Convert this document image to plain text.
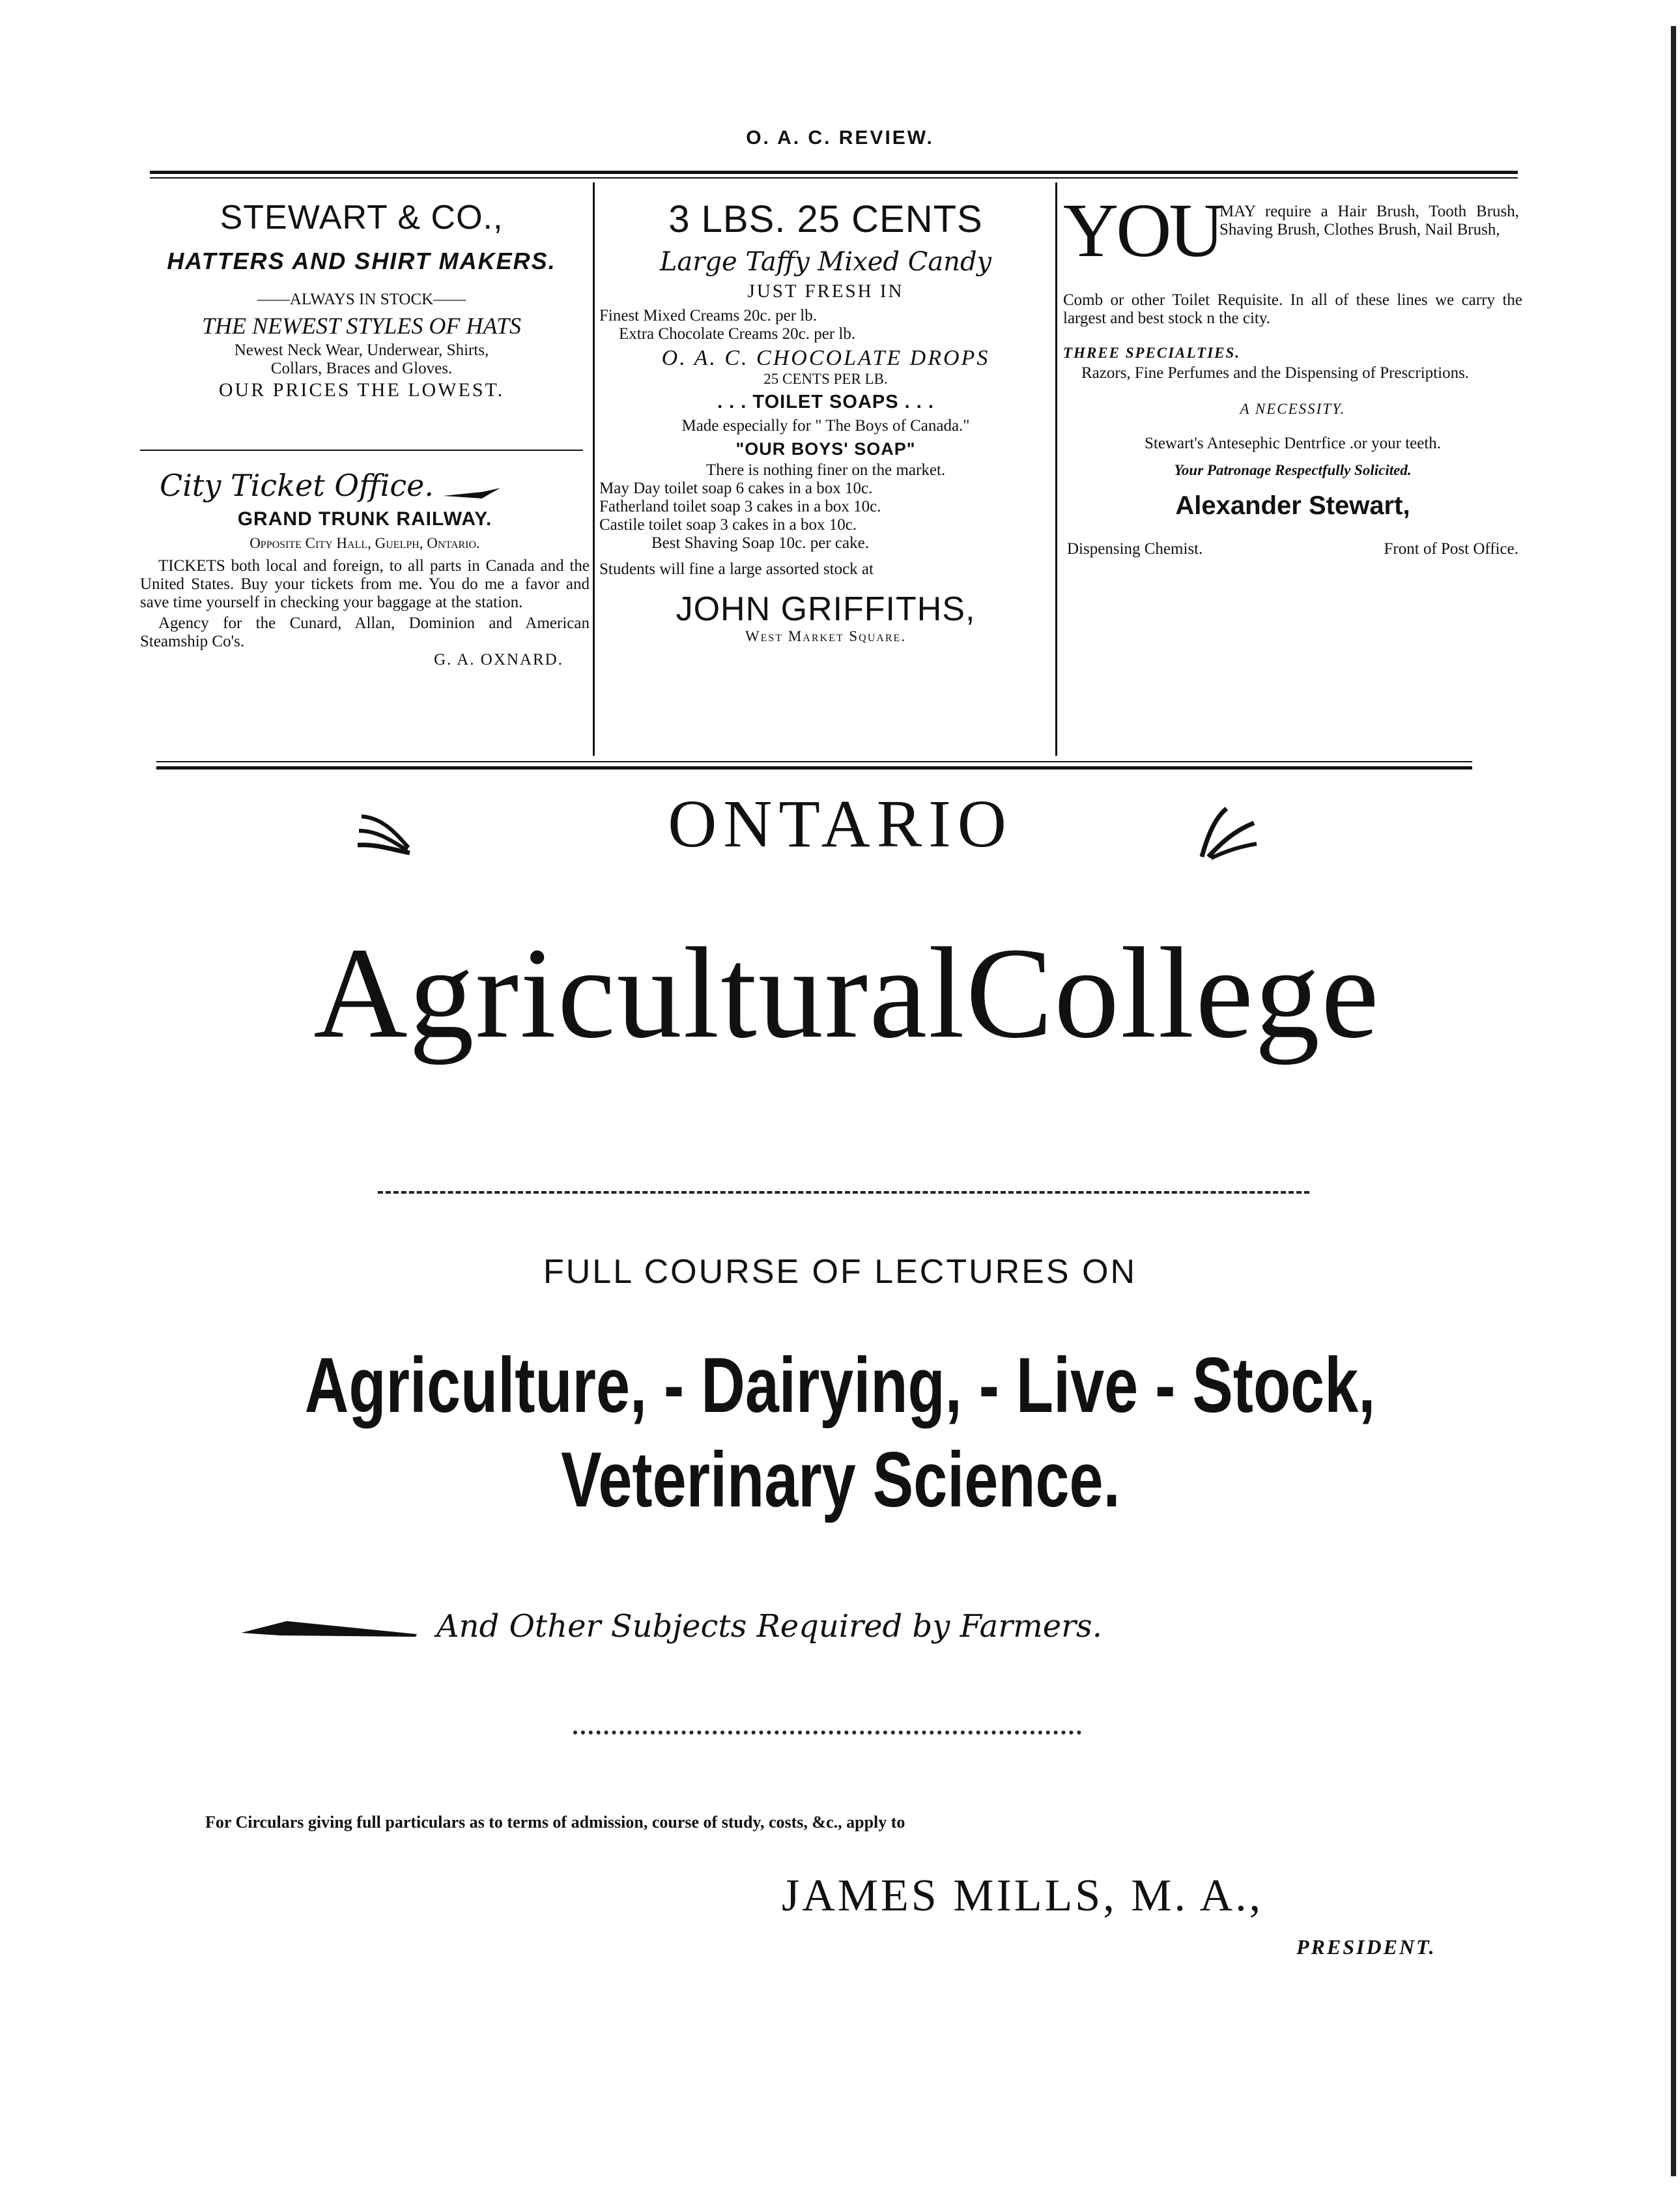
O. A. C. REVIEW.
STEWART & CO.,
HATTERS AND SHIRT MAKERS.
——ALWAYS IN STOCK——
THE NEWEST STYLES OF HATS
Newest Neck Wear, Underwear, Shirts,
Collars, Braces and Gloves.
OUR PRICES THE LOWEST.
City Ticket Office.
GRAND TRUNK RAILWAY.
Opposite City Hall, Guelph, Ontario.
TICKETS both local and foreign, to all parts in Canada and the United States. Buy your tickets from me. You do me a favor and save time yourself in checking your baggage at the station.
Agency for the Cunard, Allan, Dominion and American Steamship Co's.
G. A. OXNARD.
3 LBS. 25 CENTS
Large Taffy Mixed Candy
JUST FRESH IN
Finest Mixed Creams 20c. per lb.
Extra Chocolate Creams 20c. per lb.
O. A. C. CHOCOLATE DROPS
25 CENTS PER LB.
. . . TOILET SOAPS . . .
Made especially for " The Boys of Canada."
"OUR BOYS' SOAP"
There is nothing finer on the market.
May Day toilet soap 6 cakes in a box 10c.
Fatherland toilet soap 3 cakes in a box 10c.
Castile toilet soap 3 cakes in a box 10c.
Best Shaving Soap 10c. per cake.
Students will fine a large assorted stock at
JOHN GRIFFITHS,
West Market Square.
YOU
MAY require a Hair Brush, Tooth Brush, Shaving Brush, Clothes Brush, Nail Brush,
Comb or other Toilet Requisite. In all of these lines we carry the largest and best stock n the city.
THREE SPECIALTIES.
Razors, Fine Perfumes and the Dispensing of Prescriptions.
A NECESSITY.
Stewart's Antesephic Dentrfice .or your teeth.
Your Patronage Respectfully Solicited.
Alexander Stewart,
Dispensing Chemist.	Front of Post Office.
ONTARIO
AgriculturalCollege
FULL COURSE OF LECTURES ON
Agriculture, - Dairying, - Live - Stock,
Veterinary Science.
And Other Subjects Required by Farmers.
For Circulars giving full particulars as to terms of admission, course of study, costs, &c., apply to
JAMES MILLS, M. A.,
PRESIDENT.
